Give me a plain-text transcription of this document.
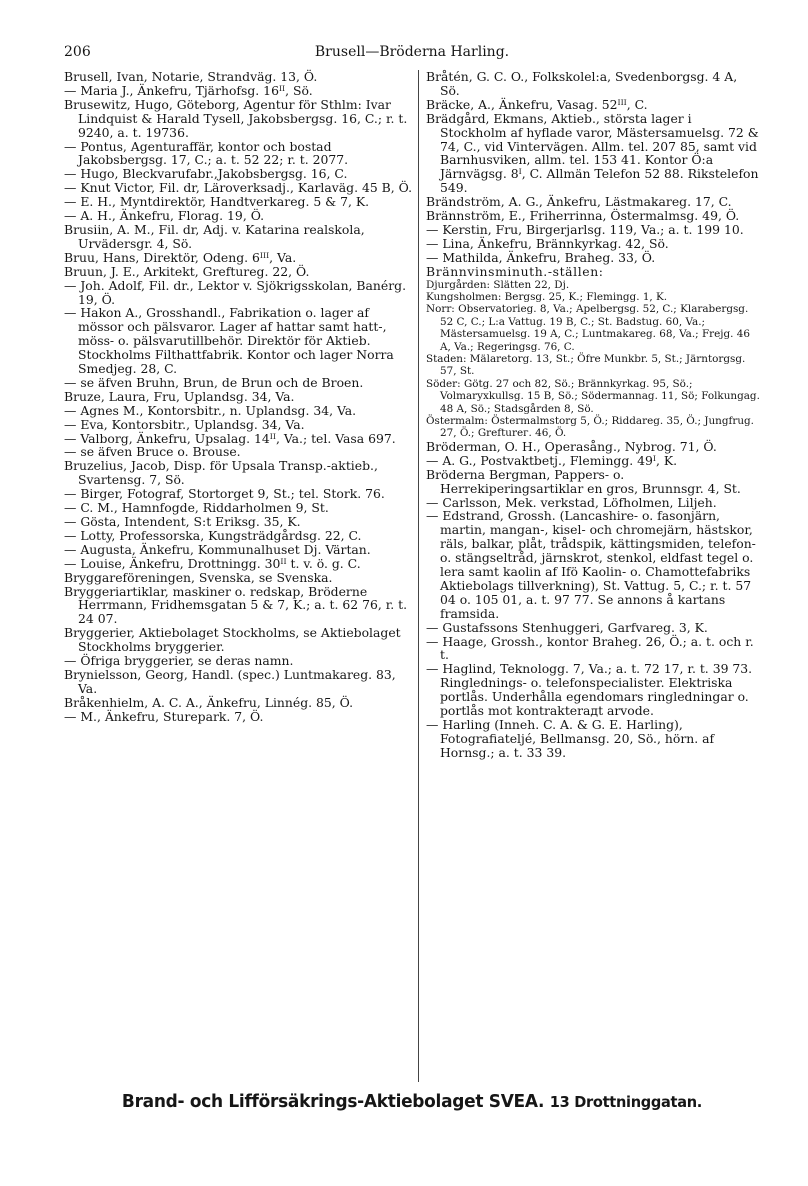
206	Brusell—Bröderna Harling.
Brusell, Ivan, Notarie, Strandväg. 13, Ö.
— Maria J., Änkefru, Tjärhofsg. 16ᴵᴵ, Sö.
Brusewitz, Hugo, Göteborg, Agentur för Sthlm: Ivar Lindquist & Harald Tysell, Jakobsbergsg. 16, C.; r. t. 9240, a. t. 19736.
— Pontus, Agenturaffär, kontor och bostad Jakobsbergsg. 17, C.; a. t. 52 22; r. t. 2077.
— Hugo, Bleckvarufabr.,Jakobsbergsg. 16, C.
— Knut Victor, Fil. dr, Läroverksadj., Karlaväg. 45 B, Ö.
— E. H., Myntdirektör, Handtverkareg. 5 & 7, K.
— A. H., Änkefru, Florag. 19, Ö.
Brusiin, A. M., Fil. dr, Adj. v. Katarina realskola, Urvädersgr. 4, Sö.
Bruu, Hans, Direktör, Odeng. 6ᴵᴵᴵ, Va.
Bruun, J. E., Arkitekt, Greftureg. 22, Ö.
— Joh. Adolf, Fil. dr., Lektor v. Sjökrigsskolan, Banérg. 19, Ö.
— Hakon A., Grosshandl., Fabrikation o. lager af mössor och pälsvaror. Lager af hattar samt hatt-, möss- o. pälsvarutillbehör. Direktör för Aktieb. Stockholms Filthattfabrik. Kontor och lager Norra Smedjeg. 28, C.
— se äfven Bruhn, Brun, de Brun och de Broen.
Bruze, Laura, Fru, Uplandsg. 34, Va.
— Agnes M., Kontorsbitr., n. Uplandsg. 34, Va.
— Eva, Kontorsbitr., Uplandsg. 34, Va.
— Valborg, Änkefru, Upsalag. 14ᴵᴵ, Va.; tel. Vasa 697.
— se äfven Bruce o. Brouse.
Bruzelius, Jacob, Disp. för Upsala Transp.-aktieb., Svartensg. 7, Sö.
— Birger, Fotograf, Stortorget 9, St.; tel. Stork. 76.
— C. M., Hamnfogde, Riddarholmen 9, St.
— Gösta, Intendent, S:t Eriksg. 35, K.
— Lotty, Professorska, Kungsträdgårdsg. 22, C.
— Augusta, Änkefru, Kommunalhuset Dj. Värtan.
— Louise, Änkefru, Drottningg. 30ᴵᴵ t. v. ö. g. C.
Bryggareföreningen, Svenska, se Svenska.
Bryggeriartiklar, maskiner o. redskap, Bröderne Herrmann, Fridhemsgatan 5 & 7, K.; a. t. 62 76, r. t. 24 07.
Bryggerier, Aktiebolaget Stockholms, se Aktiebolaget Stockholms bryggerier.
— Öfriga bryggerier, se deras namn.
Brynielsson, Georg, Handl. (spec.) Luntmakareg. 83, Va.
Bråkenhielm, A. C. A., Änkefru, Linnég. 85, Ö.
— M., Änkefru, Sturepark. 7, Ö.
Bråtén, G. C. O., Folkskolel:a, Svedenborgsg. 4 A, Sö.
Bräcke, A., Änkefru, Vasag. 52ᴵᴵᴵ, C.
Brädgård, Ekmans, Aktieb., största lager i Stockholm af hyflade varor, Mästersamuelsg. 72 & 74, C., vid Vintervägen. Allm. tel. 207 85, samt vid Barnhusviken, allm. tel. 153 41. Kontor Ö:a Järnvägsg. 8ᴵ, C. Allmän Telefon 52 88. Rikstelefon 549.
Brändström, A. G., Änkefru, Lästmakareg. 17, C.
Brännström, E., Friherrinna, Östermalmsg. 49, Ö.
— Kerstin, Fru, Birgerjarlsg. 119, Va.; a. t. 199 10.
— Lina, Änkefru, Brännkyrkag. 42, Sö.
— Mathilda, Änkefru, Braheg. 33, Ö.
Brännvinsminuth.-ställen:
Djurgården: Slätten 22, Dj.
Kungsholmen: Bergsg. 25, K.; Flemingg. 1, K.
Norr: Observatorieg. 8, Va.; Apelbergsg. 52, C.; Klarabergsg. 52 C, C.; L:a Vattug. 19 B, C.; St. Badstug. 60, Va.; Mästersamuelsg. 19 A, C.; Luntmakareg. 68, Va.; Frejg. 46 A, Va.; Regeringsg. 76, C.
Staden: Mälaretorg. 13, St.; Öfre Munkbr. 5, St.; Järntorgsg. 57, St.
Söder: Götg. 27 och 82, Sö.; Brännkyrkag. 95, Sö.; Volmaryxkullsg. 15 B, Sö.; Södermannag. 11, Sö; Folkungag. 48 A, Sö.; Stadsgården 8, Sö.
Östermalm: Östermalmstorg 5, Ö.; Riddareg. 35, Ö.; Jungfrug. 27, Ö.; Grefturег. 46, Ö.
Bröderman, O. H., Operasång., Nybrog. 71, Ö.
— A. G., Postvaktbetj., Flemingg. 49ᴵ, K.
Bröderna Bergman, Pappers- o. Herrekiperingsartiklar en gros, Brunnsgr. 4, St.
— Carlsson, Mek. verkstad, Löfholmen, Liljeh.
— Edstrand, Grossh. (Lancashire- o. fasonjärn, martin, mangan-, kisel- och chromejärn, hästskor, räls, balkar, plåt, trådspik, kättingsmiden, telefon- o. stängseltråd, järnskrot, stenkol, eldfast tegel o. lera samt kaolin af Ifö Kaolin- o. Chamottefabriks Aktiebolags tillverkning), St. Vattug. 5, C.; r. t. 57 04 o. 105 01, a. t. 97 77. Se annons å kartans framsida.
— Gustafssons Stenhuggeri, Garfvareg. 3, K.
— Haage, Grossh., kontor Braheg. 26, Ö.; a. t. och r. t.
— Haglind, Teknologg. 7, Va.; a. t. 72 17, r. t. 39 73. Ringlednings- o. telefonspecialister. Elektriska portlås. Underhålla egendomars ringledningar o. portlås mot kontrakterадt arvode.
— Harling (Inneh. C. A. & G. E. Harling), Fotografiatelјé, Bellmansg. 20, Sö., hörn. af Hornsg.; a. t. 33 39.
Brand- och Lifförsäkrings-Aktiebolaget SVEA. 13 Drottninggatan.
